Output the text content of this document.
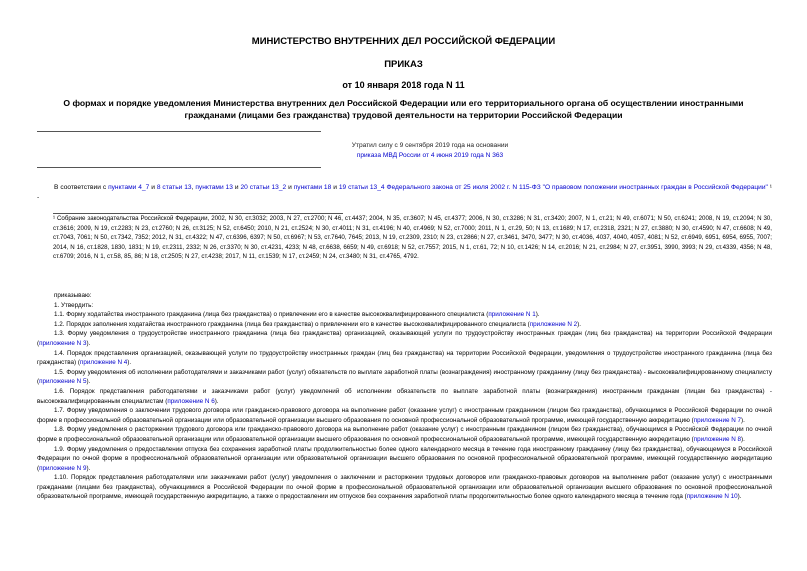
МИНИСТЕРСТВО ВНУТРЕННИХ ДЕЛ РОССИЙСКОЙ ФЕДЕРАЦИИ
ПРИКАЗ
от 10 января 2018 года N 11
О формах и порядке уведомления Министерства внутренних дел Российской Федерации или его территориального органа об осуществлении иностранными гражданами (лицами без гражданства) трудовой деятельности на территории Российской Федерации
Утратил силу с 9 сентября 2019 года на основании
приказа МВД России от 4 июня 2019 года N 363
В соответствии с пунктами 4_7 и 8 статьи 13, пунктами 13 и 20 статьи 13_2 и пунктами 18 и 19 статьи 13_4 Федерального закона от 25 июля 2002 г. N 115-ФЗ "О правовом положении иностранных граждан в Российской Федерации" ¹ -
¹ Собрание законодательства Российской Федерации, 2002, N 30, ст.3032; 2003, N 27, ст.2700; N 46, ст.4437; 2004, N 35, ст.3607; N 45, ст.4377; 2006, N 30, ст.3286; N 31, ст.3420; 2007, N 1, ст.21; N 49, ст.6071; N 50, ст.6241; 2008, N 19, ст.2094; N 30, ст.3616; 2009, N 19, ст.2283; N 23, ст.2760; N 26, ст.3125; N 52, ст.6450; 2010, N 21, ст.2524; N 30, ст.4011; N 31, ст.4196; N 40, ст.4969; N 52, ст.7000; 2011, N 1, ст.29, 50; N 13, ст.1689; N 17, ст.2318, 2321; N 27, ст.3880; N 30, ст.4590; N 47, ст.6608; N 49, ст.7043, 7061; N 50, ст.7342, 7352; 2012, N 31, ст.4322; N 47, ст.6396, 6397; N 50, ст.6967; N 53, ст.7640, 7645; 2013, N 19, ст.2309, 2310; N 23, ст.2866; N 27, ст.3461, 3470, 3477; N 30, ст.4036, 4037, 4040, 4057, 4081; N 52, ст.6949, 6951, 6954, 6955, 7007; 2014, N 16, ст.1828, 1830, 1831; N 19, ст.2311, 2332; N 26, ст.3370; N 30, ст.4231, 4233; N 48, ст.6638, 6659; N 49, ст.6918; N 52, ст.7557; 2015, N 1, ст.61, 72; N 10, ст.1426; N 14, ст.2016; N 21, ст.2984; N 27, ст.3951, 3990, 3993; N 29, ст.4339, 4356; N 48, ст.6709; 2016, N 1, ст.58, 85, 86; N 18, ст.2505; N 27, ст.4238; 2017, N 11, ст.1539; N 17, ст.2459; N 24, ст.3480; N 31, ст.4765, 4792.

приказываю:

1. Утвердить:

1.1. Форму ходатайства иностранного гражданина (лица без гражданства) о привлечении его в качестве высококвалифицированного специалиста (приложение N 1).

1.2. Порядок заполнения ходатайства иностранного гражданина (лица без гражданства) о привлечении его в качестве высококвалифицированного специалиста (приложение N 2).

1.3. Форму уведомления о трудоустройстве иностранного гражданина (лица без гражданства) организацией, оказывающей услуги по трудоустройству иностранных граждан (лиц без гражданства) на территории Российской Федерации (приложение N 3).

1.4. Порядок представления организацией, оказывающей услуги по трудоустройству иностранных граждан (лиц без гражданства) на территории Российской Федерации, уведомления о трудоустройстве иностранного гражданина (лица без гражданства) (приложение N 4).

1.5. Форму уведомления об исполнении работодателями и заказчиками работ (услуг) обязательств по выплате заработной платы (вознаграждения) иностранному гражданину (лицу без гражданства) - высококвалифицированному специалисту (приложение N 5).

1.6. Порядок представления работодателями и заказчиками работ (услуг) уведомлений об исполнении обязательств по выплате заработной платы (вознаграждения) иностранным гражданам (лицам без гражданства) - высококвалифицированным специалистам (приложение N 6).

1.7. Форму уведомления о заключении трудового договора или гражданско-правового договора на выполнение работ (оказание услуг) с иностранным гражданином (лицом без гражданства), обучающимся в Российской Федерации по очной форме в профессиональной образовательной организации или образовательной организации высшего образования по основной профессиональной образовательной программе, имеющей государственную аккредитацию (приложение N 7).

1.8. Форму уведомления о расторжении трудового договора или гражданско-правового договора на выполнение работ (оказание услуг) с иностранным гражданином (лицом без гражданства), обучающимся в Российской Федерации по очной форме в профессиональной образовательной организации или образовательной организации высшего образования по основной профессиональной образовательной программе, имеющей государственную аккредитацию (приложение N 8).

1.9. Форму уведомления о предоставлении отпуска без сохранения заработной платы продолжительностью более одного календарного месяца в течение года иностранному гражданину (лицу без гражданства), обучающемуся в Российской Федерации по очной форме в профессиональной образовательной организации или образовательной организации высшего образования по основной профессиональной образовательной программе, имеющей государственную аккредитацию (приложение N 9).

1.10. Порядок представления работодателями или заказчиками работ (услуг) уведомления о заключении и расторжении трудовых договоров или гражданско-правовых договоров на выполнение работ (оказание услуг) с иностранными гражданами (лицами без гражданства), обучающимися в Российской Федерации по очной форме в профессиональной образовательной организации или образовательной организации высшего образования по основной профессиональной образовательной программе, имеющей государственную аккредитацию, а также о предоставлении им отпусков без сохранения заработной платы продолжительностью более одного календарного месяца в течение года (приложение N 10).
